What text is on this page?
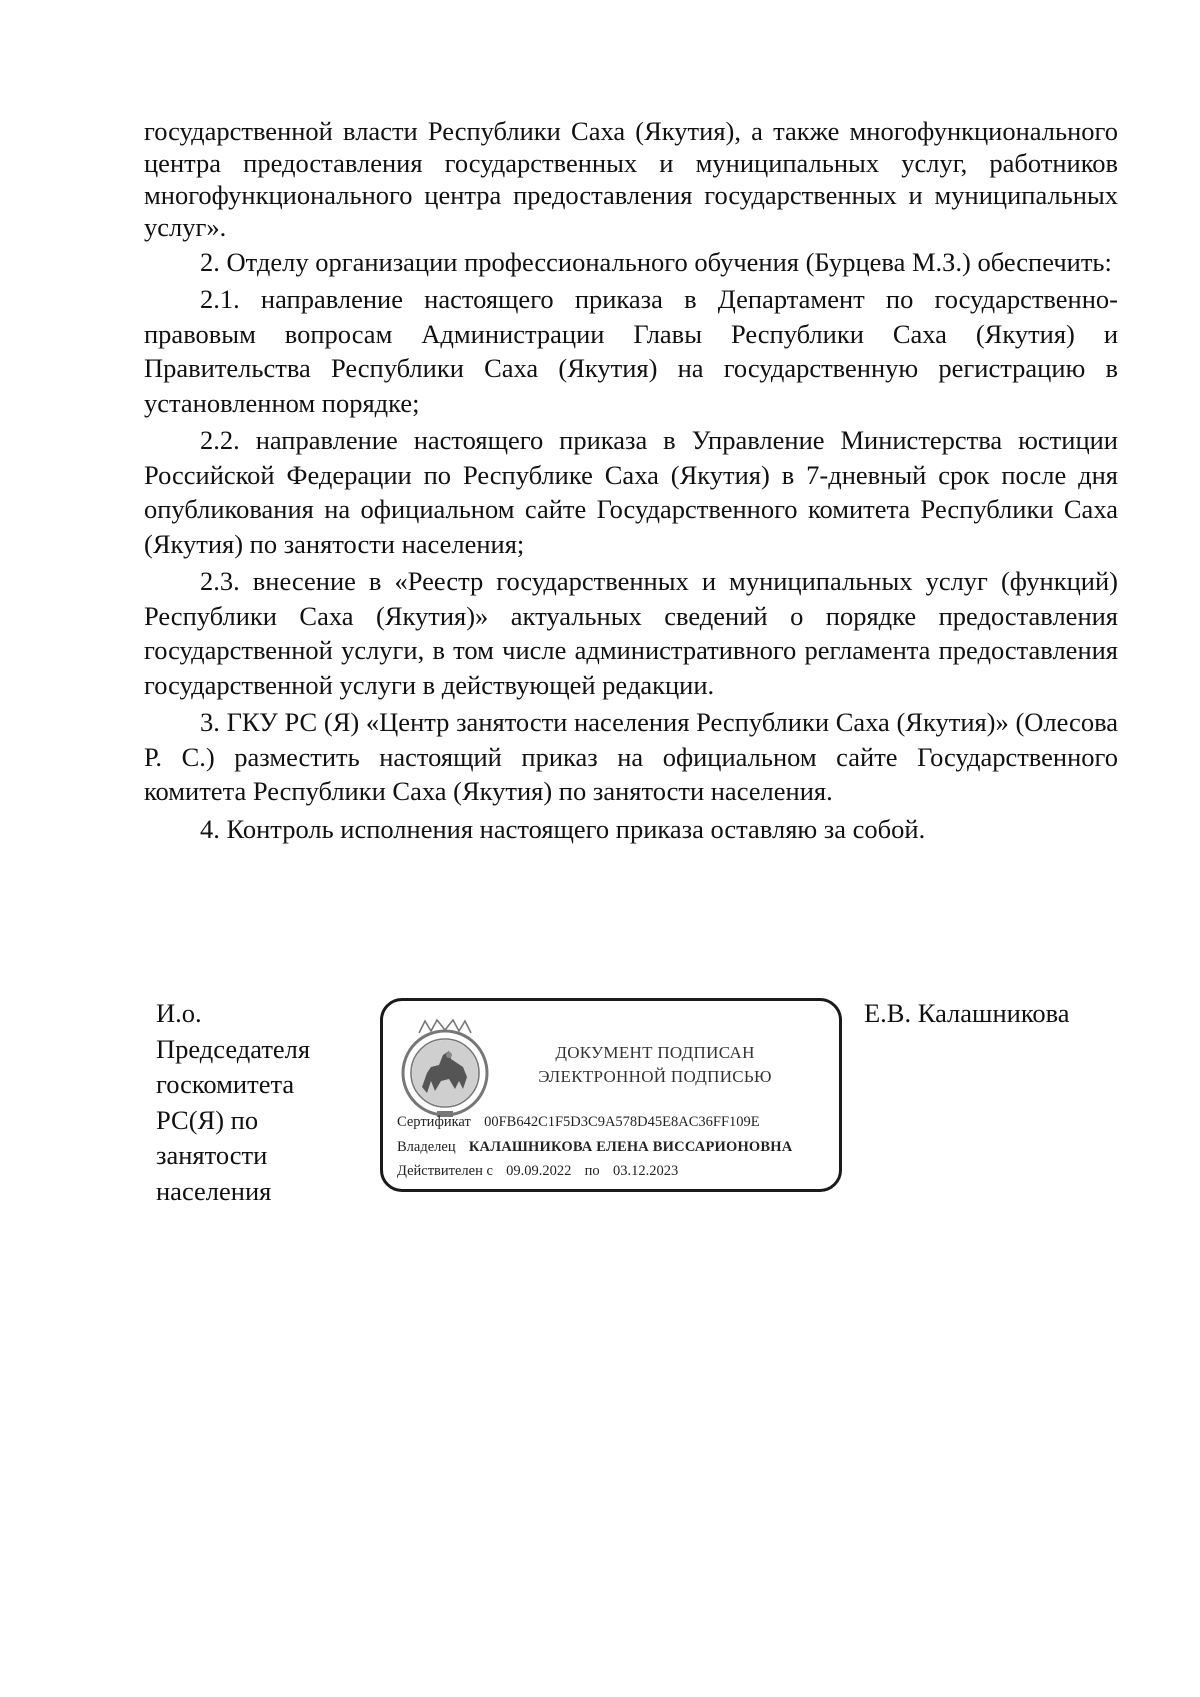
государственной власти Республики Саха (Якутия), а также многофункционального центра предоставления государственных и муниципальных услуг, работников многофункционального центра предоставления государственных и муниципальных услуг».

2. Отделу организации профессионального обучения (Бурцева М.З.) обеспечить:

2.1. направление настоящего приказа в Департамент по государственно-правовым вопросам Администрации Главы Республики Саха (Якутия) и Правительства Республики Саха (Якутия) на государственную регистрацию в установленном порядке;

2.2. направление настоящего приказа в Управление Министерства юстиции Российской Федерации по Республике Саха (Якутия) в 7-дневный срок после дня опубликования на официальном сайте Государственного комитета Республики Саха (Якутия) по занятости населения;

2.3. внесение в «Реестр государственных и муниципальных услуг (функций) Республики Саха (Якутия)» актуальных сведений о порядке предоставления государственной услуги, в том числе административного регламента предоставления государственной услуги в действующей редакции.

3. ГКУ РС (Я) «Центр занятости населения Республики Саха (Якутия)» (Олесова Р. С.) разместить настоящий приказ на официальном сайте Государственного комитета Республики Саха (Якутия) по занятости населения.

4. Контроль исполнения настоящего приказа оставляю за собой.

И.о.
Председателя
госкомитета
РС(Я) по
занятости
населения
ДОКУМЕНТ ПОДПИСАН
ЭЛЕКТРОННОЙ ПОДПИСЬЮ
Сертификат 00FB642C1F5D3C9A578D45E8AC36FF109E
Владелец КАЛАШНИКОВА ЕЛЕНА ВИССАРИОНОВНА
Действителен с 09.09.2022 по 03.12.2023
Е.В. Калашникова
